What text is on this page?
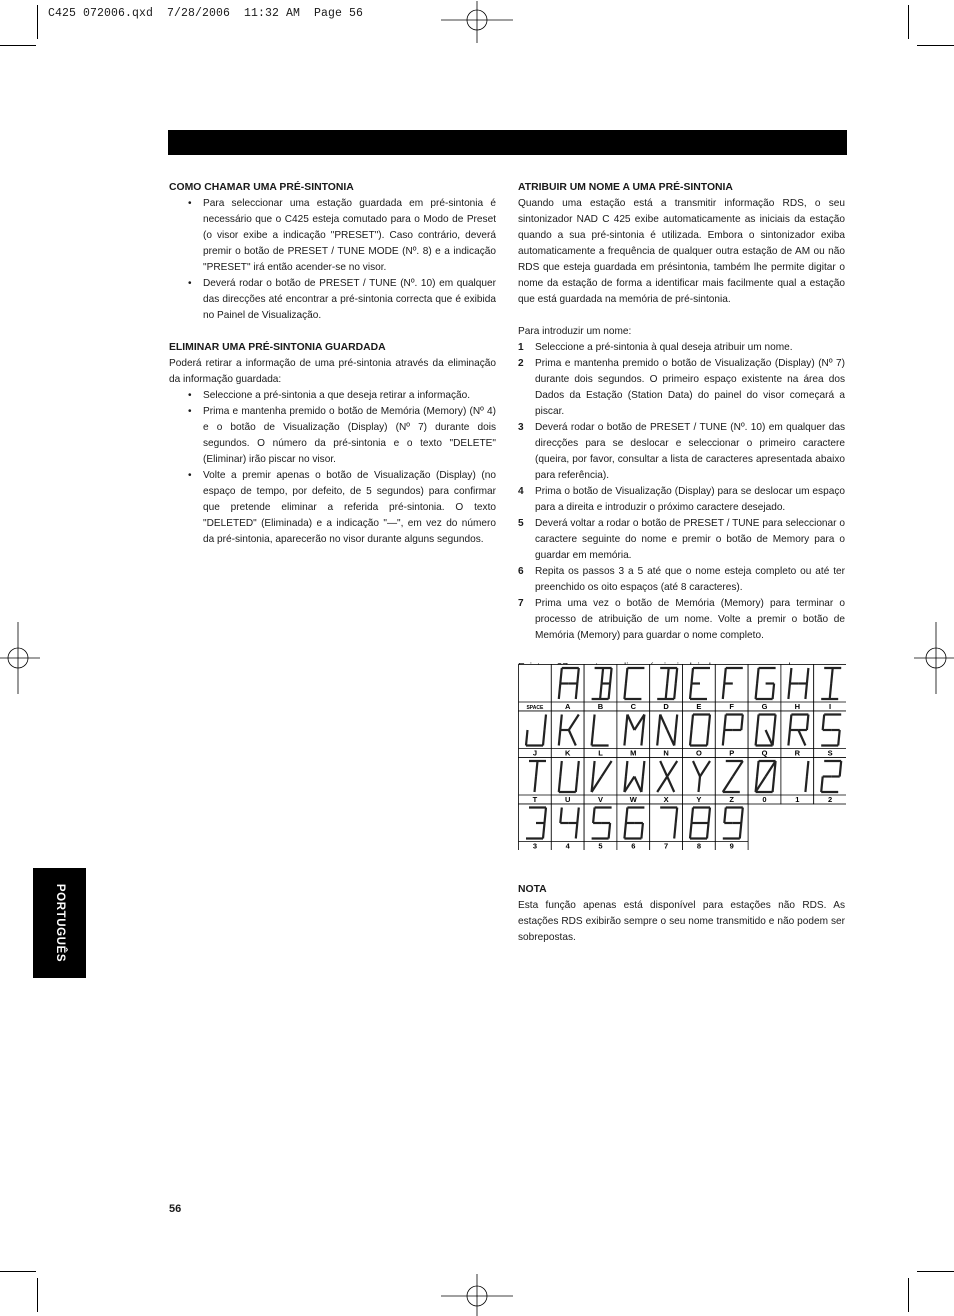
C425 072006.qxd  7/28/2006  11:32 AM  Page 56
COMO CHAMAR UMA PRÉ-SINTONIA
• Para seleccionar uma estação guardada em pré-sintonia é necessário que o C425 esteja comutado para o Modo de Preset (o visor exibe a indicação "PRESET"). Caso contrário, deverá premir o botão de PRESET / TUNE MODE (Nº. 8) e a indicação "PRESET" irá então acender-se no visor.
• Deverá rodar o botão de PRESET / TUNE (Nº. 10) em qualquer das direcções até encontrar a pré-sintonia correcta que é exibida no Painel de Visualização.
ELIMINAR UMA PRÉ-SINTONIA GUARDADA

Poderá retirar a informação de uma pré-sintonia através da eliminação da informação guardada:

• Seleccione a pré-sintonia a que deseja retirar a informação.
• Prima e mantenha premido o botão de Memória (Memory) (Nº 4) e o botão de Visualização (Display) (Nº 7) durante dois segundos. O número da pré-sintonia e o texto "DELETE" (Eliminar) irão piscar no visor.
• Volte a premir apenas o botão de Visualização (Display) (no espaço de tempo, por defeito, de 5 segundos) para confirmar que pretende eliminar a referida pré-sintonia. O texto "DELETED" (Eliminada) e a indicação "—", em vez do número da pré-sintonia, aparecerão no visor durante alguns segundos.
ATRIBUIR UM NOME A UMA PRÉ-SINTONIA

Quando uma estação está a transmitir informação RDS, o seu sintonizador NAD C 425 exibe automaticamente as iniciais da estação quando a sua pré-sintonia é utilizada. Embora o sintonizador exiba automaticamente a frequência de qualquer outra estação de AM ou não RDS que esteja guardada em présintonia, também lhe permite digitar o nome da estação de forma a identificar mais facilmente qual a estação que está guardada na memória de pré-sintonia.

Para introduzir um nome:

1 Seleccione a pré-sintonia à qual deseja atribuir um nome.
2 Prima e mantenha premido o botão de Visualização (Display) (Nº 7) durante dois segundos. O primeiro espaço existente na área dos Dados da Estação (Station Data) do painel do visor começará a piscar.
3 Deverá rodar o botão de PRESET / TUNE (Nº. 10) em qualquer das direcções para se deslocar e seleccionar o primeiro caractere (queira, por favor, consultar a lista de caracteres apresentada abaixo para referência).
4 Prima o botão de Visualização (Display) para se deslocar um espaço para a direita e introduzir o próximo caractere desejado.
5 Deverá voltar a rodar o botão de PRESET / TUNE para seleccionar o caractere seguinte do nome e premir o botão de Memory para o guardar em memória.
6 Repita os passos 3 a 5 até que o nome esteja completo ou até ter preenchido os oito espaços (até 8 caracteres).
7 Prima uma vez o botão de Memória (Memory) para terminar o processo de atribuição de um nome. Volte a premir o botão de Memória (Memory) para guardar o nome completo.

SPACE	A	B	C	D	E	F	G	H	I
J	K	L	M	N	O	P	Q	R	S
T	U	V	W	X	Y	Z	0	1	2
3	4	5	6	7	8	9
NOTA

Esta função apenas está disponível para estações não RDS. As estações RDS exibirão sempre o seu nome transmitido e não podem ser sobrepostas.

PORTUGUÊS
56
